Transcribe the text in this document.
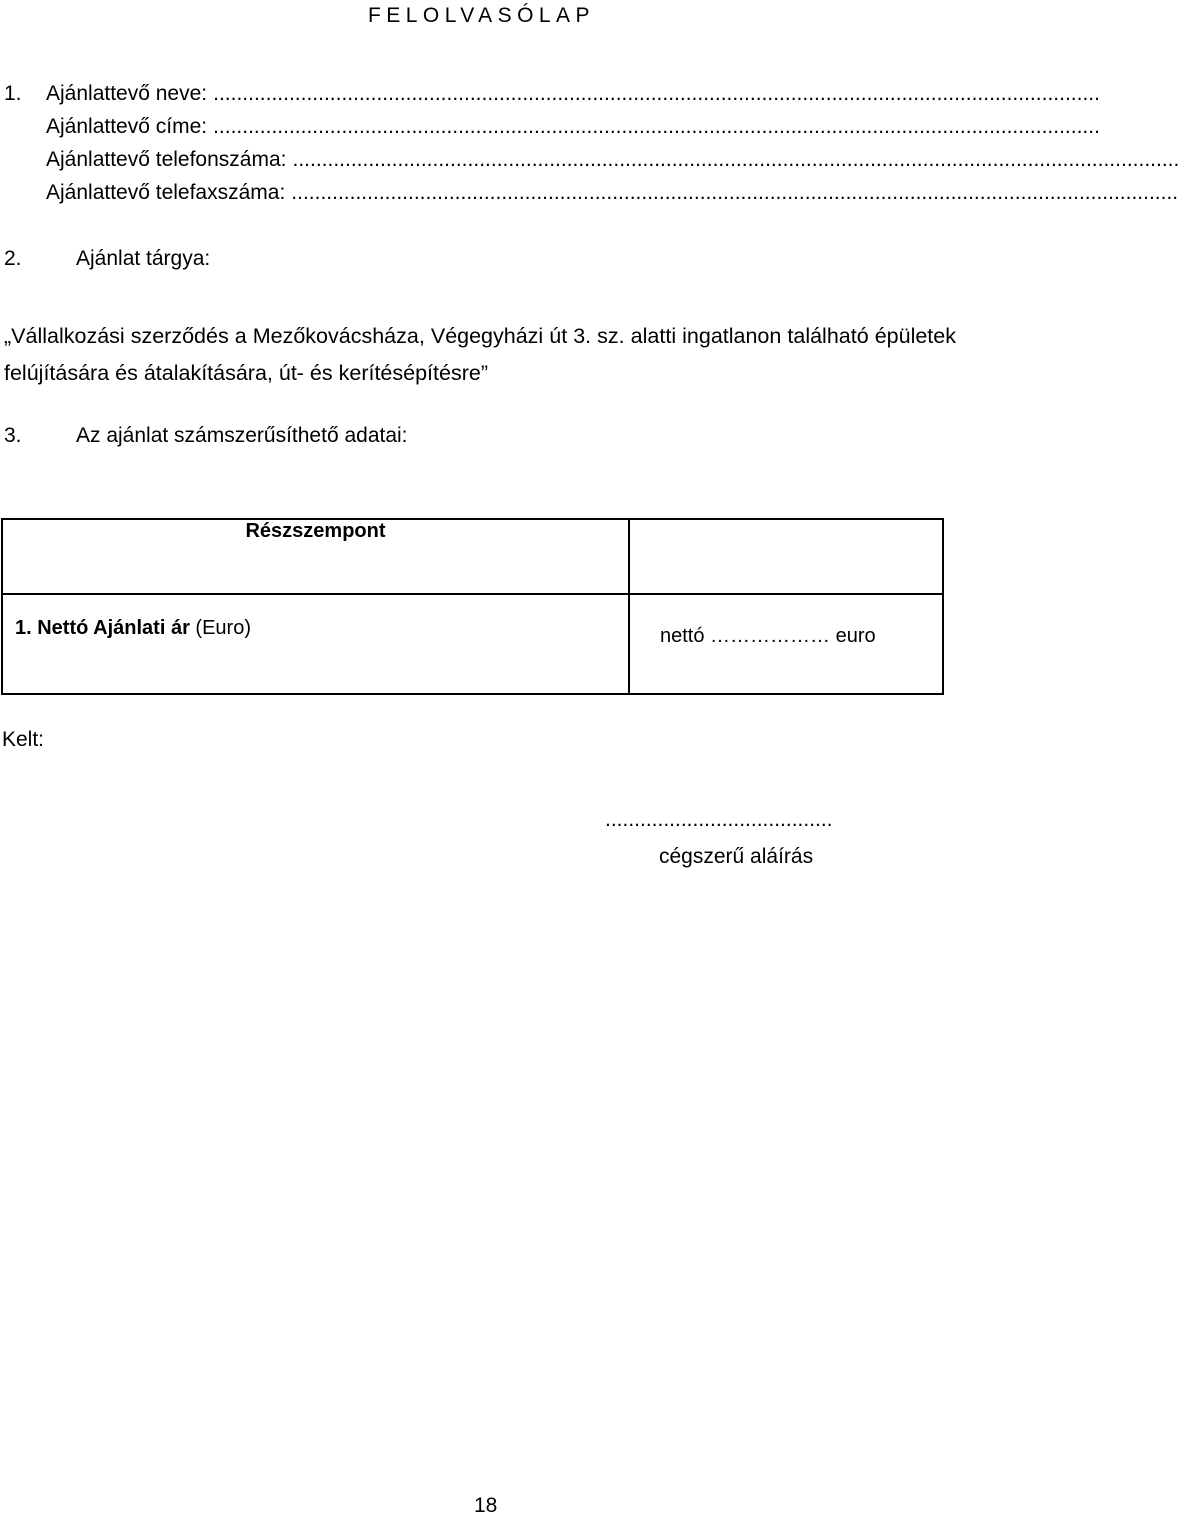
FELOLVASÓLAP
1. Ajánlattevő neve: ........................................................................................................................................................
Ajánlattevő címe: ........................................................................................................................................................
Ajánlattevő telefonszáma: ........................................................................................................................................................
Ajánlattevő telefaxszáma: ........................................................................................................................................................
2.	Ajánlat tárgya:
„Vállalkozási szerződés a Mezőkovácsháza, Végegyházi út 3. sz. alatti ingatlanon található épületek felújítására és átalakítására, út- és kerítésépítésre”
3.	Az ajánlat számszerűsíthető adatai:
Részszempont	
1. Nettó Ajánlati ár (Euro)	nettó ……………… euro
Kelt:
.......................................
cégszerű aláírás
18
